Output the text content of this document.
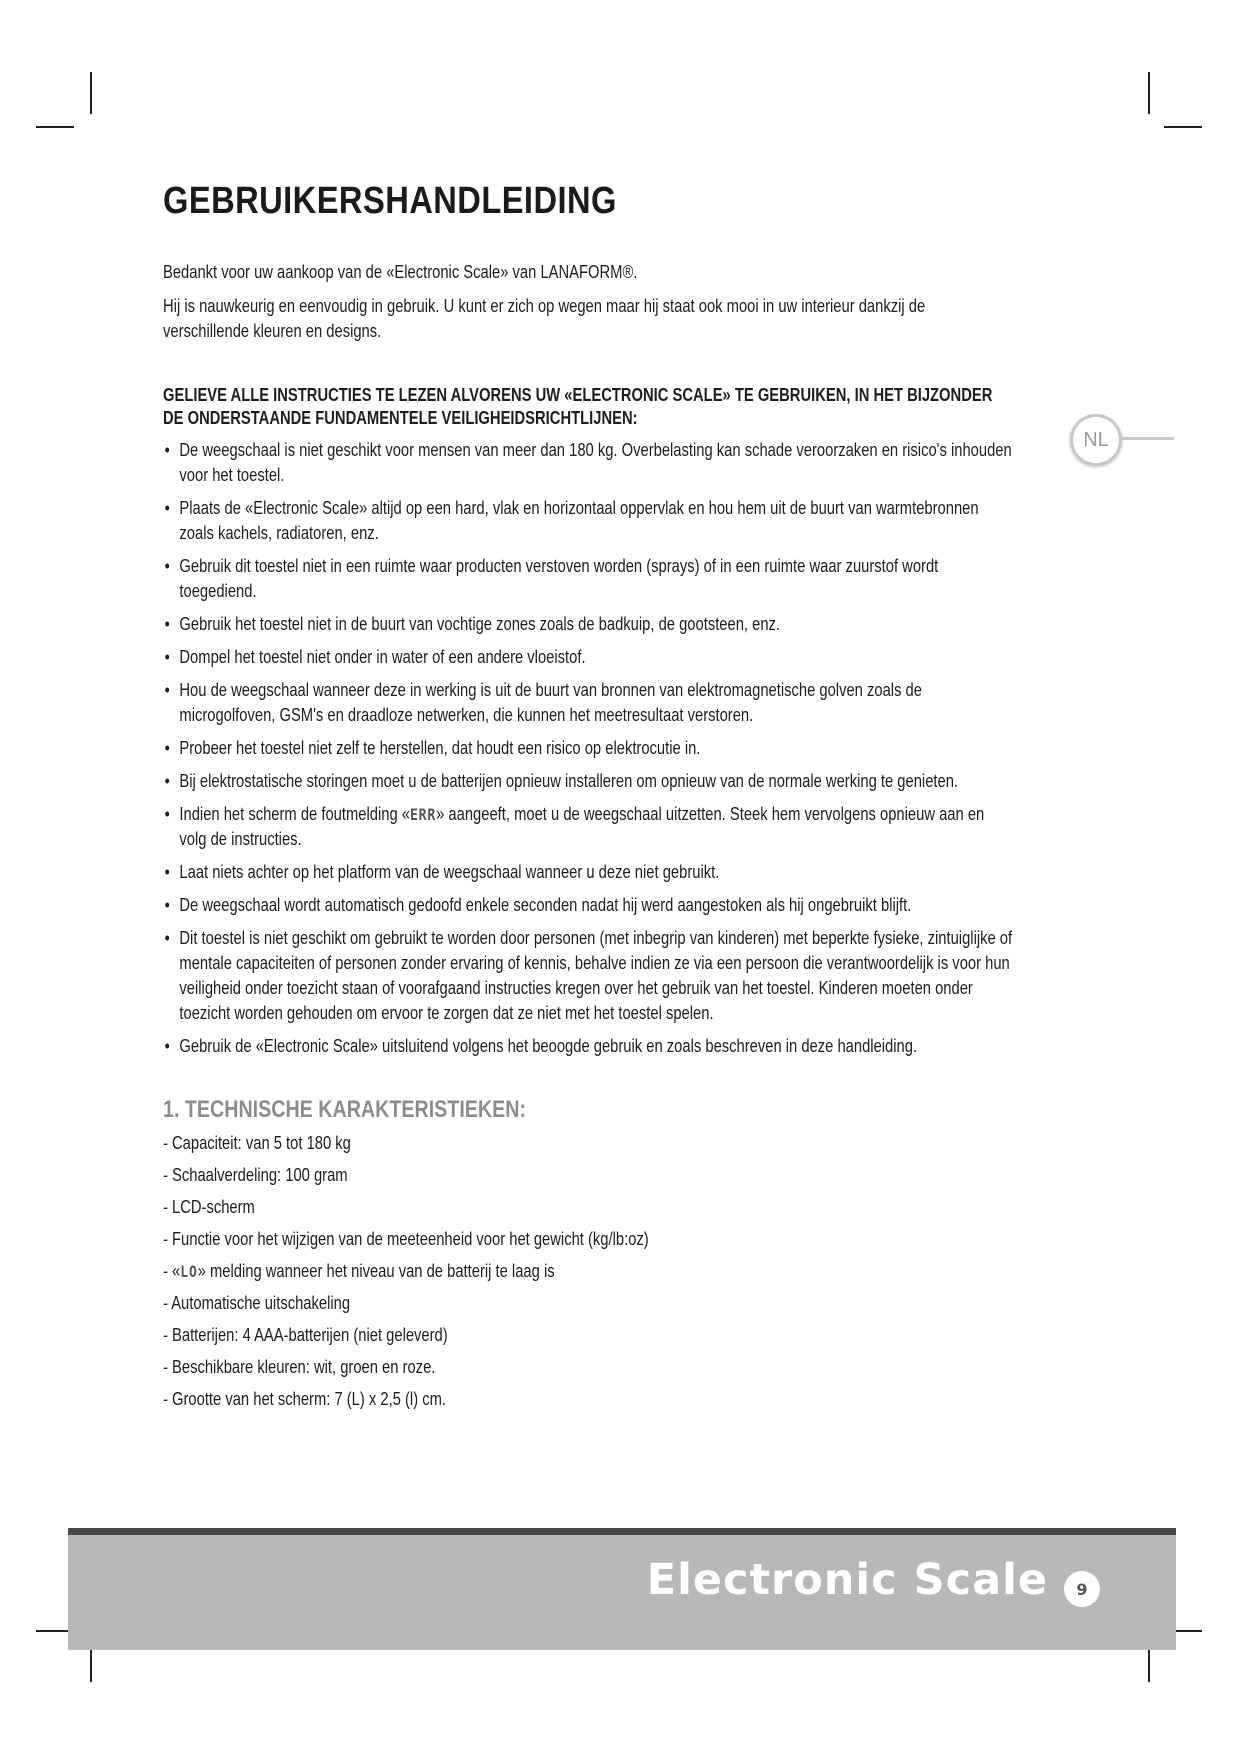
NL
GEBRUIKERSHANDLEIDING

Bedankt voor uw aankoop van de «Electronic Scale» van LANAFORM®.

Hij is nauwkeurig en eenvoudig in gebruik. U kunt er zich op wegen maar hij staat ook mooi in uw interieur dankzij de verschillende kleuren en designs.

GELIEVE ALLE INSTRUCTIES TE LEZEN ALVORENS UW «ELECTRONIC SCALE» TE GEBRUIKEN, IN HET BIJZONDER DE ONDERSTAANDE FUNDAMENTELE VEILIGHEIDSRICHTLIJNEN:
• De weegschaal is niet geschikt voor mensen van meer dan 180 kg. Overbelasting kan schade veroorzaken en risico's inhouden voor het toestel.
• Plaats de «Electronic Scale» altijd op een hard, vlak en horizontaal oppervlak en hou hem uit de buurt van warmtebronnen zoals kachels, radiatoren, enz.
• Gebruik dit toestel niet in een ruimte waar producten verstoven worden (sprays) of in een ruimte waar zuurstof wordt toegediend.
• Gebruik het toestel niet in de buurt van vochtige zones zoals de badkuip, de gootsteen, enz.
• Dompel het toestel niet onder in water of een andere vloeistof.
• Hou de weegschaal wanneer deze in werking is uit de buurt van bronnen van elektromagnetische golven zoals de microgolfoven, GSM's en draadloze netwerken, die kunnen het meetresultaat verstoren.
• Probeer het toestel niet zelf te herstellen, dat houdt een risico op elektrocutie in.
• Bij elektrostatische storingen moet u de batterijen opnieuw installeren om opnieuw van de normale werking te genieten.
• Indien het scherm de foutmelding «ERR» aangeeft, moet u de weegschaal uitzetten. Steek hem vervolgens opnieuw aan en volg de instructies.
• Laat niets achter op het platform van de weegschaal wanneer u deze niet gebruikt.
• De weegschaal wordt automatisch gedoofd enkele seconden nadat hij werd aangestoken als hij ongebruikt blijft.
• Dit toestel is niet geschikt om gebruikt te worden door personen (met inbegrip van kinderen) met beperkte fysieke, zintuiglijke of mentale capaciteiten of personen zonder ervaring of kennis, behalve indien ze via een persoon die verantwoordelijk is voor hun veiligheid onder toezicht staan of voorafgaand instructies kregen over het gebruik van het toestel. Kinderen moeten onder toezicht worden gehouden om ervoor te zorgen dat ze niet met het toestel spelen.
• Gebruik de «Electronic Scale» uitsluitend volgens het beoogde gebruik en zoals beschreven in deze handleiding.
1. TECHNISCHE KARAKTERISTIEKEN:
- Capaciteit: van 5 tot 180 kg
- Schaalverdeling: 100 gram
- LCD-scherm
- Functie voor het wijzigen van de meeteenheid voor het gewicht (kg/lb:oz)
- «LO» melding wanneer het niveau van de batterij te laag is
- Automatische uitschakeling
- Batterijen: 4 AAA-batterijen (niet geleverd)
- Beschikbare kleuren: wit, groen en roze.
- Grootte van het scherm: 7 (L) x 2,5 (l) cm.
Electronic Scale	9
